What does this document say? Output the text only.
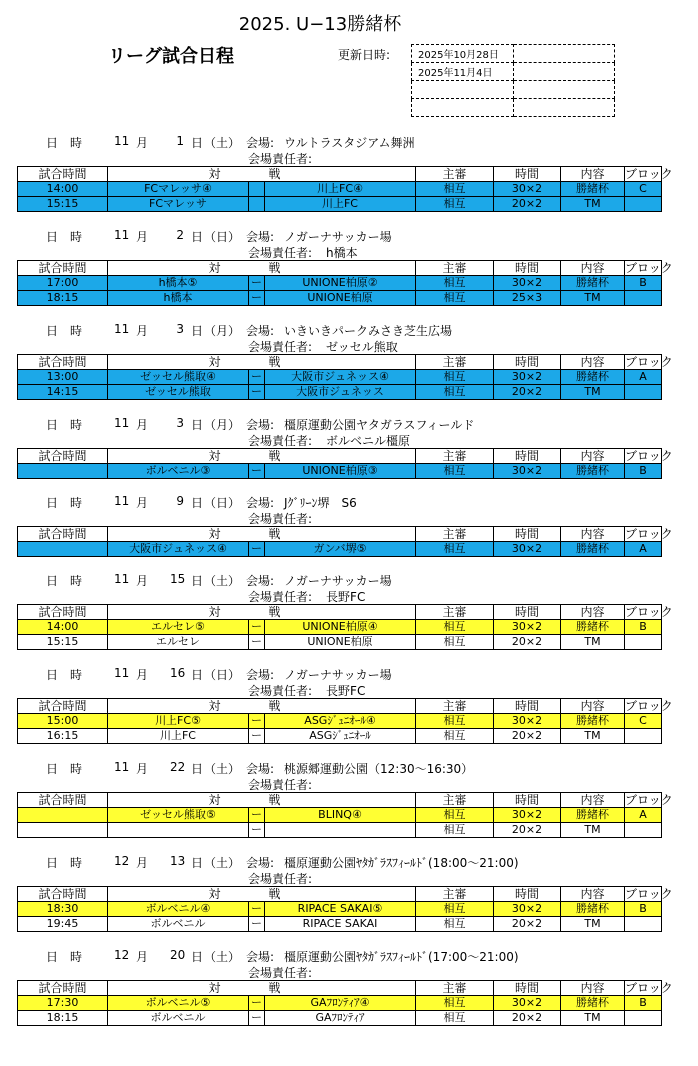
2025. U−13勝緒杯
リーグ試合日程	更新日時:	2025年10月28日	
2025年11月4日	

日　時	11 月	1 日 （土） 会場: ウルトラスタジアム舞洲
会場責任者:
試合時間	対		戦	主審	時間	内容	ブロック
14:00	FCマレッサ④		川上FC④	相互	30×2	勝緒杯	C
15:15	FCマレッサ		川上FC	相互	20×2	TM	
日　時	11 月	2 日 （日） 会場: ノガーナサッカー場
会場責任者: h橋本
試合時間	対		戦	主審	時間	内容	ブロック
17:00	h橋本⑤	ー	UNIONE柏原②	相互	30×2	勝緒杯	B
18:15	h橋本	ー	UNIONE柏原	相互	25×3	TM	
日　時	11 月	3 日 （月） 会場: いきいきパークみさき芝生広場
会場責任者: ゼッセル熊取
試合時間	対		戦	主審	時間	内容	ブロック
13:00	ゼッセル熊取④	ー	大阪市ジュネッス④	相互	30×2	勝緒杯	A
14:15	ゼッセル熊取	ー	大阪市ジュネッス	相互	20×2	TM	
日　時	11 月	3 日 （月） 会場: 橿原運動公園ヤタガラスフィールド
会場責任者: ボルベニル橿原
試合時間	対		戦	主審	時間	内容	ブロック
	ボルベニル③	ー	UNIONE柏原③	相互	30×2	勝緒杯	B
日　時	11 月	9 日 （日） 会場: Jｸﾞﾘｰﾝ堺　S6
会場責任者:
試合時間	対		戦	主審	時間	内容	ブロック
	大阪市ジュネッス④	ー	ガンバ堺⑤	相互	30×2	勝緒杯	A
日　時	11 月 15 日 （土） 会場: ノガーナサッカー場
会場責任者: 長野FC
試合時間	対		戦	主審	時間	内容	ブロック
14:00	エルセレ⑤	ー	UNIONE柏原④	相互	30×2	勝緒杯	B
15:15	エルセレ	ー	UNIONE柏原	相互	20×2	TM	
日　時	11 月 16 日 （日） 会場: ノガーナサッカー場
会場責任者: 長野FC
試合時間	対		戦	主審	時間	内容	ブロック
15:00	川上FC⑤	ー	ASGｼﾞｭﾆｵｰﾙ④	相互	30×2	勝緒杯	C
16:15	川上FC	ー	ASGｼﾞｭﾆｵｰﾙ	相互	20×2	TM	
日　時	11 月 22 日 （土） 会場: 桃源郷運動公園（12:30〜16:30）
会場責任者:
試合時間	対		戦	主審	時間	内容	ブロック
	ゼッセル熊取⑤	ー	BLINQ④	相互	30×2	勝緒杯	A
		ー		相互	20×2	TM	
日　時	12 月 13 日 （土） 会場: 橿原運動公園ﾔﾀｶﾞﾗｽﾌｨｰﾙﾄﾞ(18:00〜21:00)
会場責任者:
試合時間	対		戦	主審	時間	内容	ブロック
18:30	ボルベニル④	ー	RIPACE SAKAI⑤	相互	30×2	勝緒杯	B
19:45	ボルベニル	ー	RIPACE SAKAI	相互	20×2	TM	
日　時	12 月 20 日 （土） 会場: 橿原運動公園ﾔﾀｶﾞﾗｽﾌｨｰﾙﾄﾞ(17:00〜21:00)
会場責任者:
試合時間	対		戦	主審	時間	内容	ブロック
17:30	ボルベニル⑤	ー	GAﾌﾛﾝﾃｨｱ④	相互	30×2	勝緒杯	B
18:15	ボルベニル	ー	GAﾌﾛﾝﾃｨｱ	相互	20×2	TM	
